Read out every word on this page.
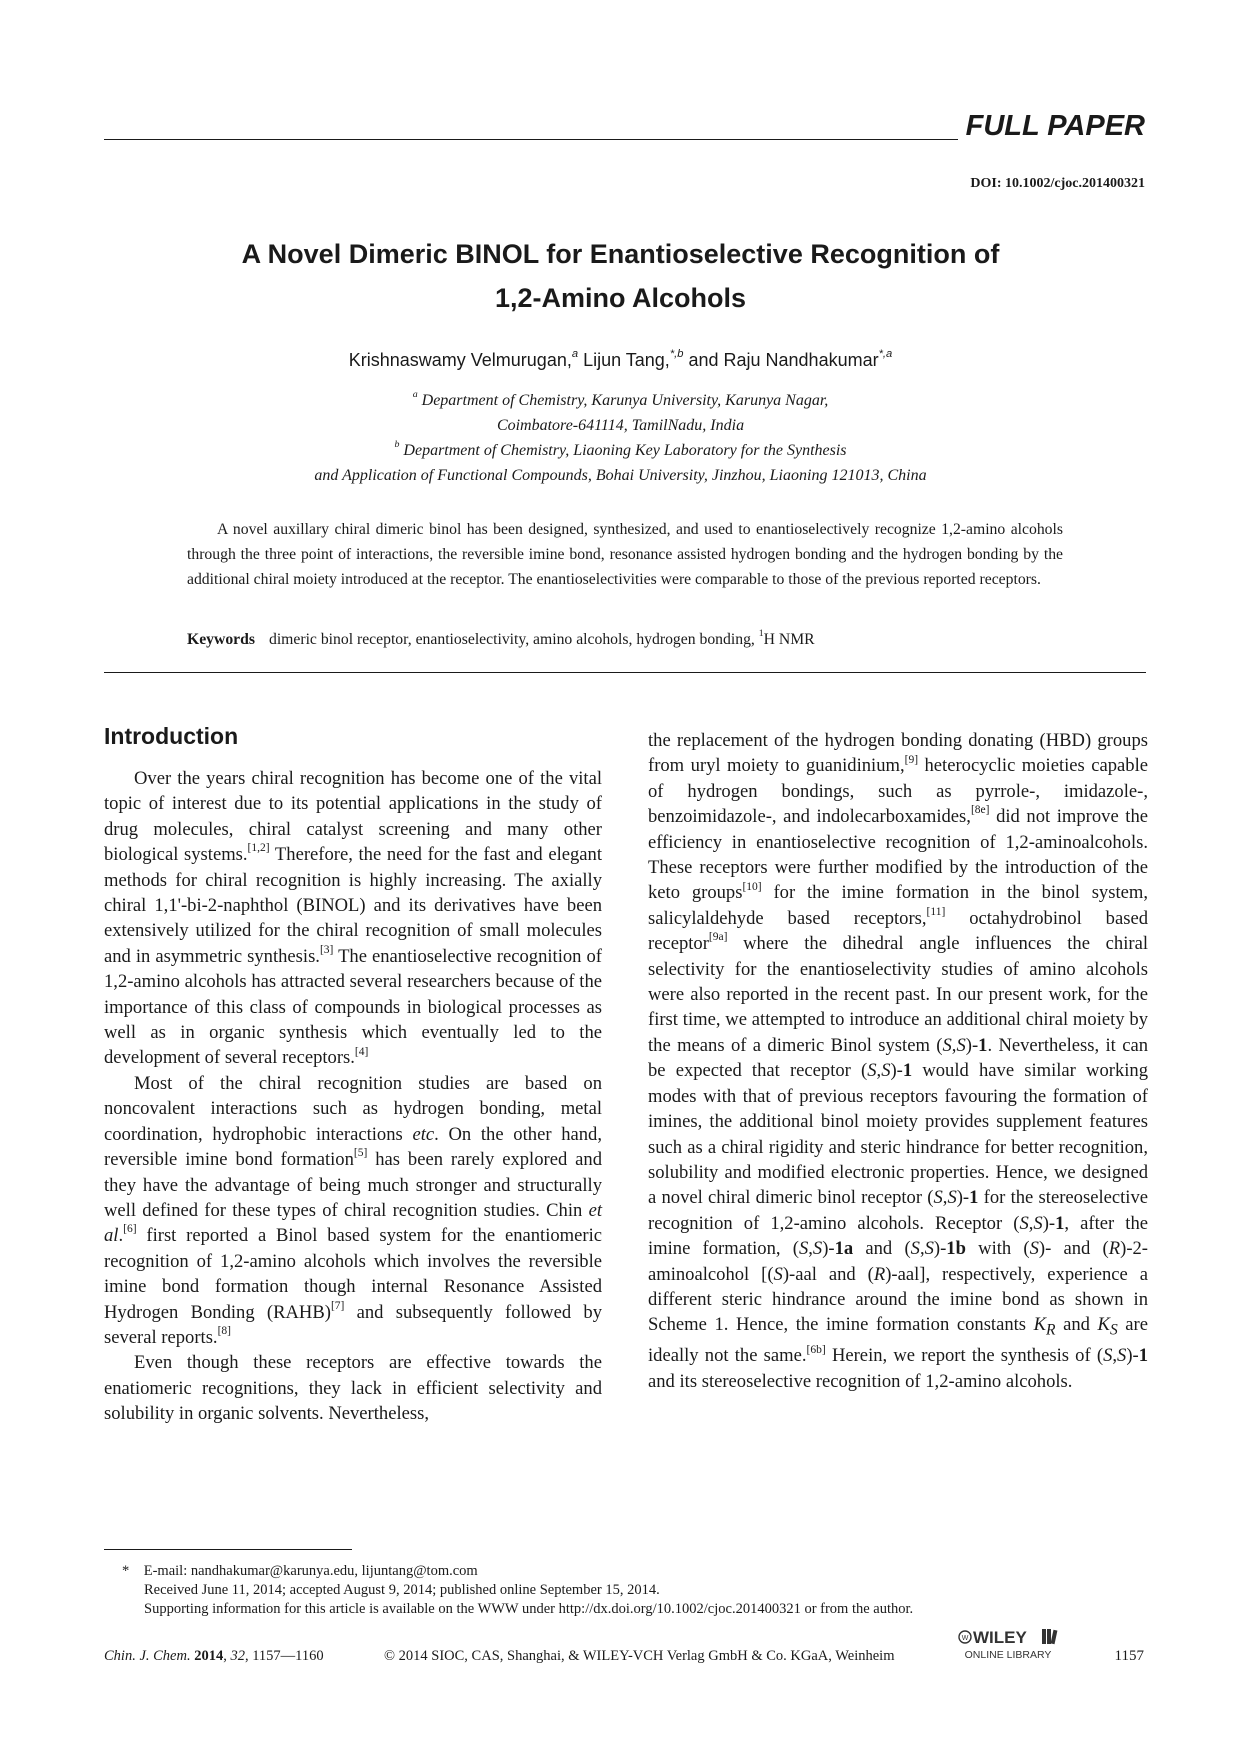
FULL PAPER
DOI: 10.1002/cjoc.201400321
A Novel Dimeric BINOL for Enantioselective Recognition of
1,2-Amino Alcohols
Krishnaswamy Velmurugan,$^a$ Lijun Tang,$^{*,b}$ and Raju Nandhakumar$^{*,a}$
$^a$ Department of Chemistry, Karunya University, Karunya Nagar,
Coimbatore-641114, TamilNadu, India
$^b$ Department of Chemistry, Liaoning Key Laboratory for the Synthesis
and Application of Functional Compounds, Bohai University, Jinzhou, Liaoning 121013, China

A novel auxillary chiral dimeric binol has been designed, synthesized, and used to enantioselectively recognize 1,2-amino alcohols through the three point of interactions, the reversible imine bond, resonance assisted hydrogen bonding and the hydrogen bonding by the additional chiral moiety introduced at the receptor. The enantioselectivities were comparable to those of the previous reported receptors.

Keywords dimeric binol receptor, enantioselectivity, amino alcohols, hydrogen bonding, $^1$H NMR
Introduction

Over the years chiral recognition has become one of the vital topic of interest due to its potential applications in the study of drug molecules, chiral catalyst screening and many other biological systems.[1,2] Therefore, the need for the fast and elegant methods for chiral recognition is highly increasing. The axially chiral 1,1'-bi-2-naphthol (BINOL) and its derivatives have been extensively utilized for the chiral recognition of small molecules and in asymmetric synthesis.[3] The enantioselective recognition of 1,2-amino alcohols has attracted several researchers because of the importance of this class of compounds in biological processes as well as in organic synthesis which eventually led to the development of several receptors.[4]

Most of the chiral recognition studies are based on noncovalent interactions such as hydrogen bonding, metal coordination, hydrophobic interactions etc. On the other hand, reversible imine bond formation[5] has been rarely explored and they have the advantage of being much stronger and structurally well defined for these types of chiral recognition studies. Chin et al.[6] first reported a Binol based system for the enantiomeric recognition of 1,2-amino alcohols which involves the reversible imine bond formation though internal Resonance Assisted Hydrogen Bonding (RAHB)[7] and subsequently followed by several reports.[8]

Even though these receptors are effective towards the enatiomeric recognitions, they lack in efficient selectivity and solubility in organic solvents. Nevertheless,

the replacement of the hydrogen bonding donating (HBD) groups from uryl moiety to guanidinium,[9] heterocyclic moieties capable of hydrogen bondings, such as pyrrole-, imidazole-, benzoimidazole-, and indolecarboxamides,[8e] did not improve the efficiency in enantioselective recognition of 1,2-aminoalcohols. These receptors were further modified by the introduction of the keto groups[10] for the imine formation in the binol system, salicylaldehyde based receptors,[11] octahydrobinol based receptor[9a] where the dihedral angle influences the chiral selectivity for the enantioselectivity studies of amino alcohols were also reported in the recent past. In our present work, for the first time, we attempted to introduce an additional chiral moiety by the means of a dimeric Binol system (S,S)-1. Nevertheless, it can be expected that receptor (S,S)-1 would have similar working modes with that of previous receptors favouring the formation of imines, the additional binol moiety provides supplement features such as a chiral rigidity and steric hindrance for better recognition, solubility and modified electronic properties. Hence, we designed a novel chiral dimeric binol receptor (S,S)-1 for the stereoselective recognition of 1,2-amino alcohols. Receptor (S,S)-1, after the imine formation, (S,S)-1a and (S,S)-1b with (S)- and (R)-2-aminoalcohol [(S)-aal and (R)-aal], respectively, experience a different steric hindrance around the imine bond as shown in Scheme 1. Hence, the imine formation constants $K_R$ and $K_S$ are ideally not the same.[6b] Herein, we report the synthesis of (S,S)-1 and its stereoselective recognition of 1,2-amino alcohols.

* E-mail: nandhakumar@karunya.edu, lijuntang@tom.com
Received June 11, 2014; accepted August 9, 2014; published online September 15, 2014.
Supporting information for this article is available on the WWW under http://dx.doi.org/10.1002/cjoc.201400321 or from the author.
Chin. J. Chem. 2014, 32, 1157—1160	© 2014 SIOC, CAS, Shanghai, & WILEY-VCH Verlag GmbH & Co. KGaA, Weinheim
W WILEY
ONLINE LIBRARY	1157
